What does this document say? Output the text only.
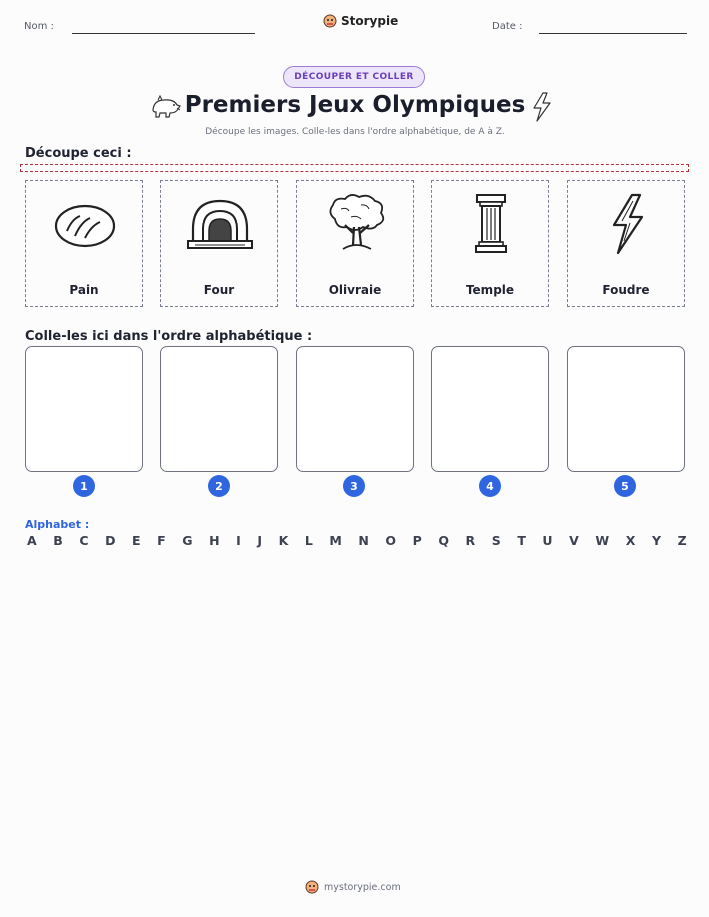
Nom :	Storypie	Date :
DÉCOUPER ET COLLER
Premiers Jeux Olympiques
Découpe les images. Colle-les dans l'ordre alphabétique, de A à Z.
Découpe ceci :
Pain	Four	Olivraie	Temple	Foudre
Colle-les ici dans l'ordre alphabétique :
1	2	3	4	5
Alphabet :
A B C D E F G H I J K L M N O P Q R S T U V W X Y Z
mystorypie.com
